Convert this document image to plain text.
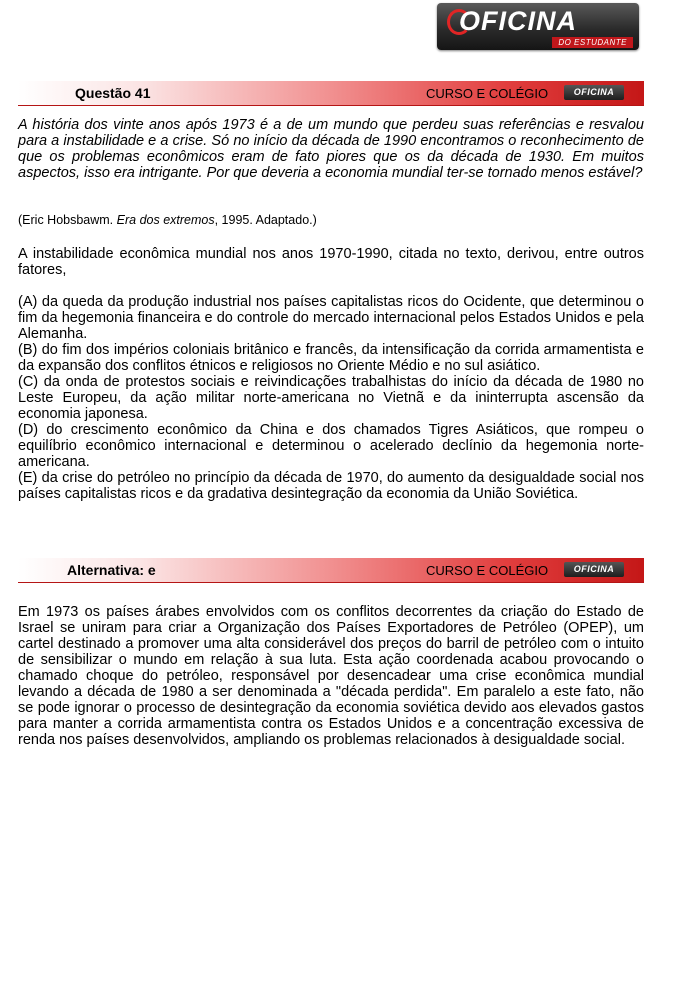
OFICINA
DO ESTUDANTE
Questão 41	CURSO E COLÉGIO	OFICINA
A história dos vinte anos após 1973 é a de um mundo que perdeu suas referências e resvalou para a instabilidade e a crise. Só no início da década de 1990 encontramos o reconhecimento de que os problemas econômicos eram de fato piores que os da década de 1930. Em muitos aspectos, isso era intrigante. Por que deveria a economia mundial ter-se tornado menos estável?
(Eric Hobsbawm. Era dos extremos, 1995. Adaptado.)
A instabilidade econômica mundial nos anos 1970-1990, citada no texto, derivou, entre outros fatores,

(A) da queda da produção industrial nos países capitalistas ricos do Ocidente, que determinou o fim da hegemonia financeira e do controle do mercado internacional pelos Estados Unidos e pela Alemanha.

(B) do fim dos impérios coloniais britânico e francês, da intensificação da corrida armamentista e da expansão dos conflitos étnicos e religiosos no Oriente Médio e no sul asiático.

(C) da onda de protestos sociais e reivindicações trabalhistas do início da década de 1980 no Leste Europeu, da ação militar norte-americana no Vietnã e da ininterrupta ascensão da economia japonesa.

(D) do crescimento econômico da China e dos chamados Tigres Asiáticos, que rompeu o equilíbrio econômico internacional e determinou o acelerado declínio da hegemonia norte-americana.

(E) da crise do petróleo no princípio da década de 1970, do aumento da desigualdade social nos países capitalistas ricos e da gradativa desintegração da economia da União Soviética.

Alternativa: e	CURSO E COLÉGIO	OFICINA
Em 1973 os países árabes envolvidos com os conflitos decorrentes da criação do Estado de Israel se uniram para criar a Organização dos Países Exportadores de Petróleo (OPEP), um cartel destinado a promover uma alta considerável dos preços do barril de petróleo com o intuito de sensibilizar o mundo em relação à sua luta. Esta ação coordenada acabou provocando o chamado choque do petróleo, responsável por desencadear uma crise econômica mundial levando a década de 1980 a ser denominada a "década perdida". Em paralelo a este fato, não se pode ignorar o processo de desintegração da economia soviética devido aos elevados gastos para manter a corrida armamentista contra os Estados Unidos e a concentração excessiva de renda nos países desenvolvidos, ampliando os problemas relacionados à desigualdade social.
